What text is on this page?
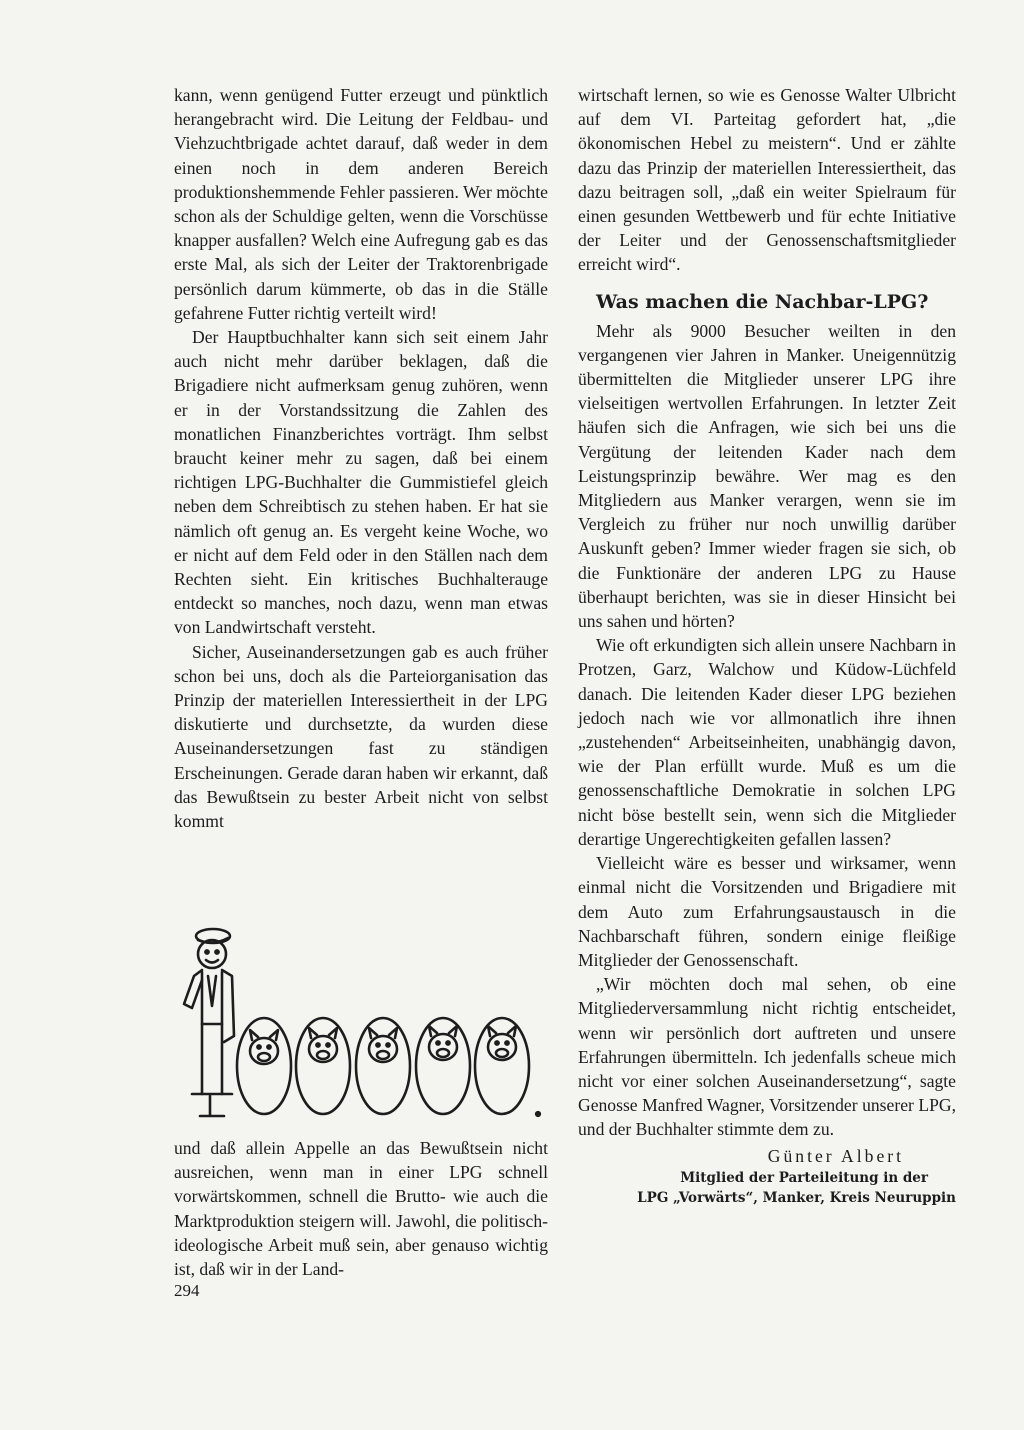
kann, wenn genügend Futter erzeugt und pünktlich herangebracht wird. Die Leitung der Feldbau- und Viehzuchtbrigade achtet darauf, daß weder in dem einen noch in dem anderen Bereich produktionshemmende Fehler passieren. Wer möchte schon als der Schuldige gelten, wenn die Vorschüsse knapper ausfallen? Welch eine Aufregung gab es das erste Mal, als sich der Leiter der Traktorenbrigade persönlich darum kümmerte, ob das in die Ställe gefahrene Futter richtig verteilt wird!

Der Hauptbuchhalter kann sich seit einem Jahr auch nicht mehr darüber beklagen, daß die Brigadiere nicht aufmerksam genug zuhören, wenn er in der Vorstandssitzung die Zahlen des monatlichen Finanzberichtes vorträgt. Ihm selbst braucht keiner mehr zu sagen, daß bei einem richtigen LPG-Buchhalter die Gummistiefel gleich neben dem Schreibtisch zu stehen haben. Er hat sie nämlich oft genug an. Es vergeht keine Woche, wo er nicht auf dem Feld oder in den Ställen nach dem Rechten sieht. Ein kritisches Buchhalterauge entdeckt so manches, noch dazu, wenn man etwas von Landwirtschaft versteht.

Sicher, Auseinandersetzungen gab es auch früher schon bei uns, doch als die Parteiorganisation das Prinzip der materiellen Interessiertheit in der LPG diskutierte und durchsetzte, da wurden diese Auseinandersetzungen fast zu ständigen Erscheinungen. Gerade daran haben wir erkannt, daß das Bewußtsein zu bester Arbeit nicht von selbst kommt

und daß allein Appelle an das Bewußtsein nicht ausreichen, wenn man in einer LPG schnell vorwärtskommen, schnell die Brutto- wie auch die Marktproduktion steigern will. Jawohl, die politisch-ideologische Arbeit muß sein, aber genauso wichtig ist, daß wir in der Land-

wirtschaft lernen, so wie es Genosse Walter Ulbricht auf dem VI. Parteitag gefordert hat, „die ökonomischen Hebel zu meistern“. Und er zählte dazu das Prinzip der materiellen Interessiertheit, das dazu beitragen soll, „daß ein weiter Spielraum für einen gesunden Wettbewerb und für echte Initiative der Leiter und der Genossenschaftsmitglieder erreicht wird“.

Was machen die Nachbar-LPG?

Mehr als 9000 Besucher weilten in den vergangenen vier Jahren in Manker. Uneigennützig übermittelten die Mitglieder unserer LPG ihre vielseitigen wertvollen Erfahrungen. In letzter Zeit häufen sich die Anfragen, wie sich bei uns die Vergütung der leitenden Kader nach dem Leistungsprinzip bewähre. Wer mag es den Mitgliedern aus Manker verargen, wenn sie im Vergleich zu früher nur noch unwillig darüber Auskunft geben? Immer wieder fragen sie sich, ob die Funktionäre der anderen LPG zu Hause überhaupt berichten, was sie in dieser Hinsicht bei uns sahen und hörten?

Wie oft erkundigten sich allein unsere Nachbarn in Protzen, Garz, Walchow und Küdow-Lüchfeld danach. Die leitenden Kader dieser LPG beziehen jedoch nach wie vor allmonatlich ihre ihnen „zustehenden“ Arbeitseinheiten, unabhängig davon, wie der Plan erfüllt wurde. Muß es um die genossenschaftliche Demokratie in solchen LPG nicht böse bestellt sein, wenn sich die Mitglieder derartige Ungerechtigkeiten gefallen lassen?

Vielleicht wäre es besser und wirksamer, wenn einmal nicht die Vorsitzenden und Brigadiere mit dem Auto zum Erfahrungsaustausch in die Nachbarschaft führen, sondern einige fleißige Mitglieder der Genossenschaft.

„Wir möchten doch mal sehen, ob eine Mitgliederversammlung nicht richtig entscheidet, wenn wir persönlich dort auftreten und unsere Erfahrungen übermitteln. Ich jedenfalls scheue mich nicht vor einer solchen Auseinandersetzung“, sagte Genosse Manfred Wagner, Vorsitzender unserer LPG, und der Buchhalter stimmte dem zu.

Günter Albert
Mitglied der Parteileitung in der
LPG „Vorwärts“, Manker, Kreis Neuruppin
294
